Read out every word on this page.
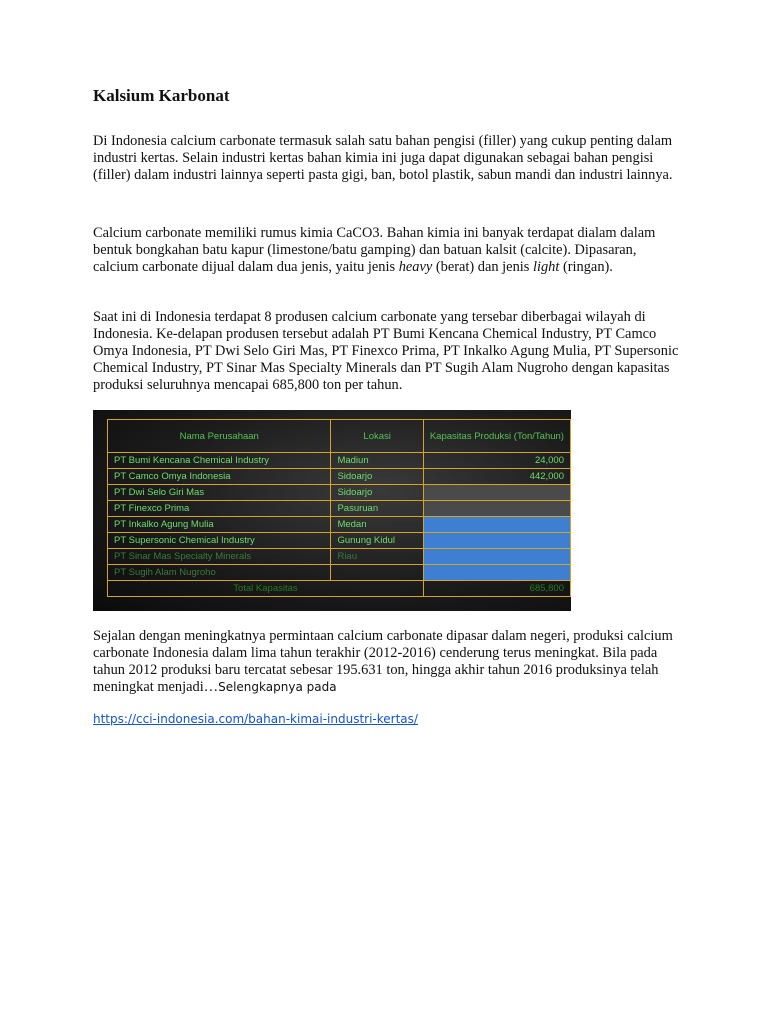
Kalsium Karbonat

Di Indonesia calcium carbonate termasuk salah satu bahan pengisi (filler) yang cukup penting dalam industri kertas. Selain industri kertas bahan kimia ini juga dapat digunakan sebagai bahan pengisi (filler) dalam industri lainnya seperti pasta gigi, ban, botol plastik, sabun mandi dan industri lainnya.

Calcium carbonate memiliki rumus kimia CaCO3. Bahan kimia ini banyak terdapat dialam dalam bentuk bongkahan batu kapur (limestone/batu gamping) dan batuan kalsit (calcite). Dipasaran, calcium carbonate dijual dalam dua jenis, yaitu jenis heavy (berat) dan jenis light (ringan).

Saat ini di Indonesia terdapat 8 produsen calcium carbonate yang tersebar diberbagai wilayah di Indonesia. Ke-delapan produsen tersebut adalah PT Bumi Kencana Chemical Industry, PT Camco Omya Indonesia, PT Dwi Selo Giri Mas, PT Finexco Prima, PT Inkalko Agung Mulia, PT Supersonic Chemical Industry, PT Sinar Mas Specialty Minerals dan PT Sugih Alam Nugroho dengan kapasitas produksi seluruhnya mencapai 685,800 ton per tahun.

Nama Perusahaan	Lokasi	Kapasitas Produksi (Ton/Tahun)
PT Bumi Kencana Chemical Industry	Madiun	24,000
PT Camco Omya Indonesia	Sidoarjo	442,000
PT Dwi Selo Giri Mas	Sidoarjo	
PT Finexco Prima	Pasuruan	
PT Inkalko Agung Mulia	Medan	
PT Supersonic Chemical Industry	Gunung Kidul	
PT Sinar Mas Specialty Minerals	Riau	
PT Sugih Alam Nugroho		
Total Kapasitas		685,800

Sejalan dengan meningkatnya permintaan calcium carbonate dipasar dalam negeri, produksi calcium carbonate Indonesia dalam lima tahun terakhir (2012-2016) cenderung terus meningkat. Bila pada tahun 2012 produksi baru tercatat sebesar 195.631 ton, hingga akhir tahun 2016 produksinya telah meningkat menjadi…Selengkapnya pada

https://cci-indonesia.com/bahan-kimai-industri-kertas/
